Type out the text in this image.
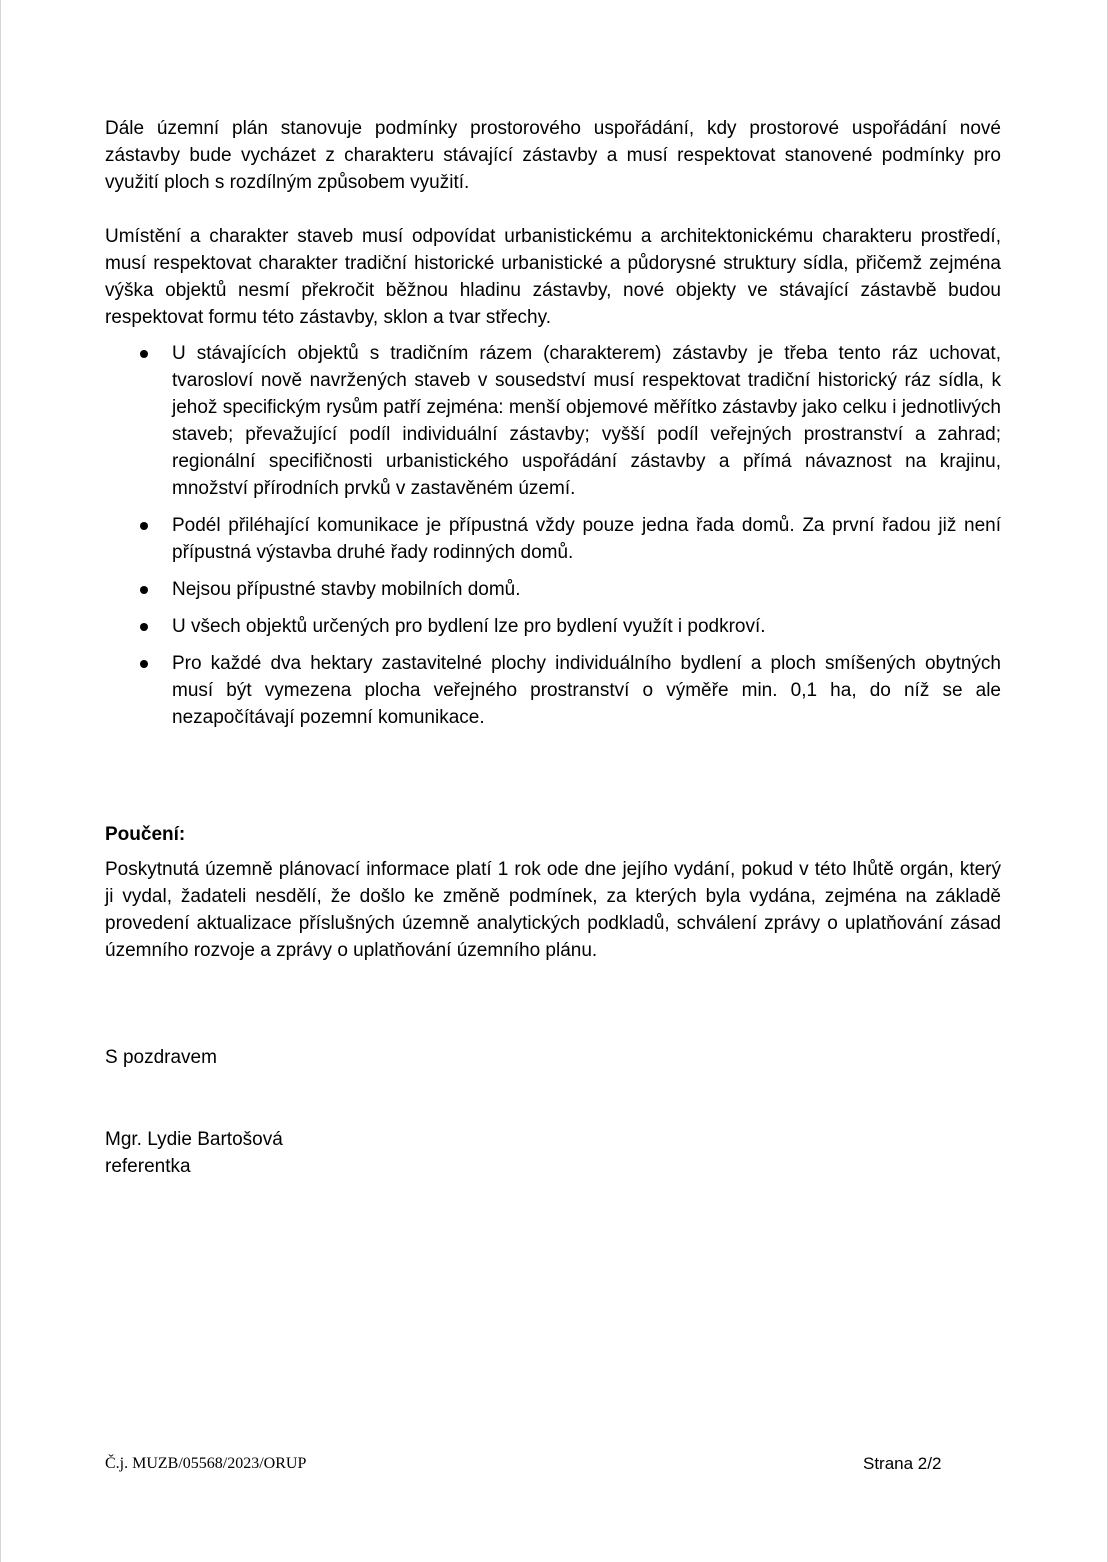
Dále územní plán stanovuje podmínky prostorového uspořádání, kdy prostorové uspořádání nové zástavby bude vycházet z charakteru stávající zástavby a musí respektovat stanovené podmínky pro využití ploch s rozdílným způsobem využití.

Umístění a charakter staveb musí odpovídat urbanistickému a architektonickému charakteru prostředí, musí respektovat charakter tradiční historické urbanistické a půdorysné struktury sídla, přičemž zejména výška objektů nesmí překročit běžnou hladinu zástavby, nové objekty ve stávající zástavbě budou respektovat formu této zástavby, sklon a tvar střechy.

U stávajících objektů s tradičním rázem (charakterem) zástavby je třeba tento ráz uchovat, tvarosloví nově navržených staveb v sousedství musí respektovat tradiční historický ráz sídla, k jehož specifickým rysům patří zejména: menší objemové měřítko zástavby jako celku i jednotlivých staveb; převažující podíl individuální zástavby; vyšší podíl veřejných prostranství a zahrad; regionální specifičnosti urbanistického uspořádání zástavby a přímá návaznost na krajinu, množství přírodních prvků v zastavěném území.
Podél přiléhající komunikace je přípustná vždy pouze jedna řada domů. Za první řadou již není přípustná výstavba druhé řady rodinných domů.
Nejsou přípustné stavby mobilních domů.
U všech objektů určených pro bydlení lze pro bydlení využít i podkroví.
Pro každé dva hektary zastavitelné plochy individuálního bydlení a ploch smíšených obytných musí být vymezena plocha veřejného prostranství o výměře min. 0,1 ha, do níž se ale nezapočítávají pozemní komunikace.

Poučení:

Poskytnutá územně plánovací informace platí 1 rok ode dne jejího vydání, pokud v této lhůtě orgán, který ji vydal, žadateli nesdělí, že došlo ke změně podmínek, za kterých byla vydána, zejména na základě provedení aktualizace příslušných územně analytických podkladů, schválení zprávy o uplatňování zásad územního rozvoje a zprávy o uplatňování územního plánu.

S pozdravem

Mgr. Lydie Bartošová

referentka

Č.j. MUZB/05568/2023/ORUP	Strana 2/2
